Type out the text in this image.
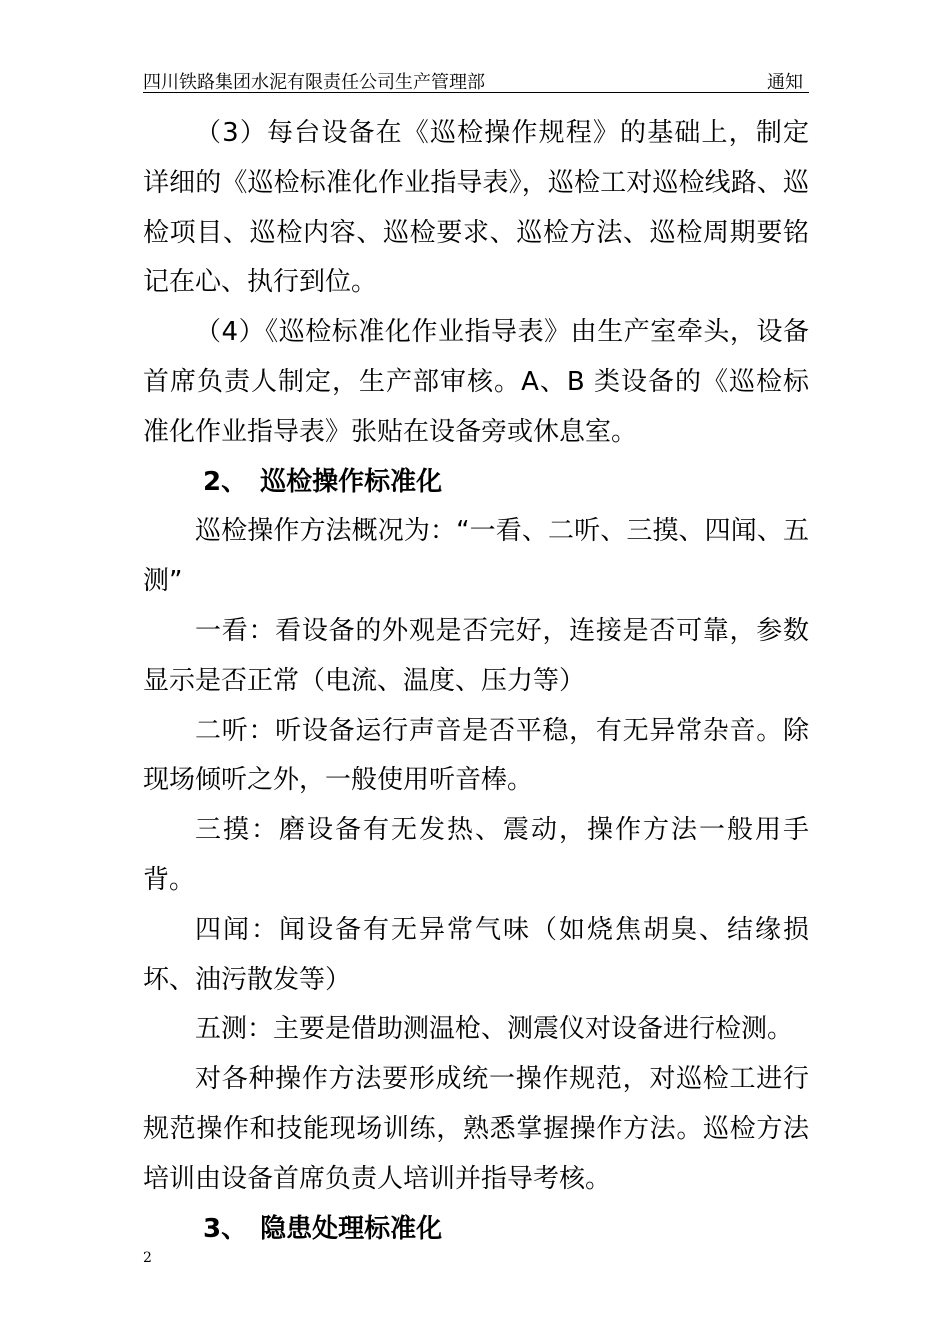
四川铁路集团水泥有限责任公司生产管理部	通知

（3）每台设备在《巡检操作规程》的基础上，制定详细的《巡检标准化作业指导表》，巡检工对巡检线路、巡检项目、巡检内容、巡检要求、巡检方法、巡检周期要铭记在心、执行到位。

（4）《巡检标准化作业指导表》由生产室牵头，设备首席负责人制定，生产部审核。A、B 类设备的《巡检标准化作业指导表》张贴在设备旁或休息室。

2、　巡检操作标准化

巡检操作方法概况为：“一看、二听、三摸、四闻、五测”

一看：看设备的外观是否完好，连接是否可靠，参数显示是否正常（电流、温度、压力等）

二听：听设备运行声音是否平稳，有无异常杂音。除现场倾听之外，一般使用听音棒。

三摸：磨设备有无发热、震动，操作方法一般用手背。

四闻：闻设备有无异常气味（如烧焦胡臭、结缘损坏、油污散发等）

五测：主要是借助测温枪、测震仪对设备进行检测。

对各种操作方法要形成统一操作规范，对巡检工进行规范操作和技能现场训练，熟悉掌握操作方法。巡检方法培训由设备首席负责人培训并指导考核。

3、　隐患处理标准化

2
